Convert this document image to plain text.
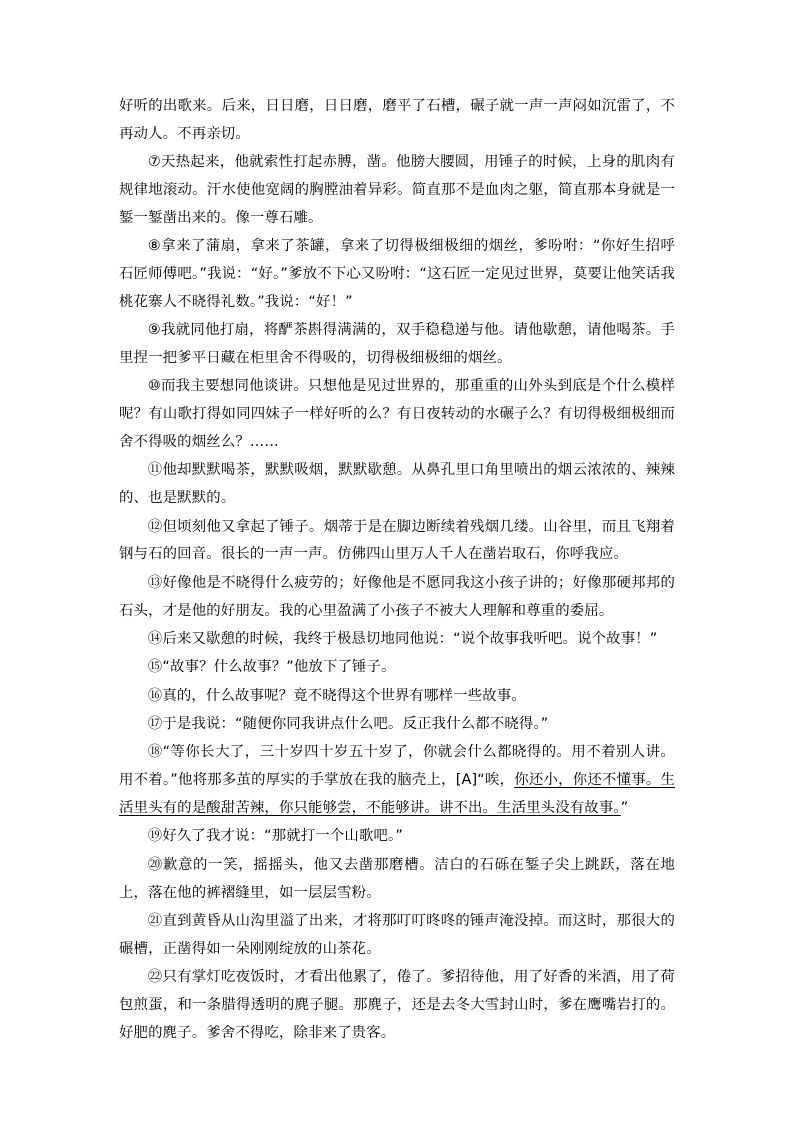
好听的出歌来。后来，日日磨，日日磨，磨平了石槽，碾子就一声一声闷如沉雷了，不再动人。不再亲切。

⑦天热起来，他就索性打起赤膊，凿。他膀大腰圆，用锤子的时候，上身的肌肉有规律地滚动。汗水使他宽阔的胸膛油着异彩。简直那不是血肉之躯，简直那本身就是一錾一錾凿出来的。像一尊石雕。

⑧拿来了蒲扇，拿来了茶罐，拿来了切得极细极细的烟丝，爹吩咐：“你好生招呼石匠师傅吧。”我说：“好。”爹放不下心又吩咐：“这石匠一定见过世界，莫要让他笑话我桃花寨人不晓得礼数。”我说：“好！”

⑨我就同他打扇，将酽茶斟得满满的，双手稳稳递与他。请他歇憩，请他喝茶。手里捏一把爹平日藏在柜里舍不得吸的，切得极细极细的烟丝。

⑩而我主要想同他谈讲。只想他是见过世界的，那重重的山外头到底是个什么模样呢？有山歌打得如同四妹子一样好听的么？有日夜转动的水碾子么？有切得极细极细而舍不得吸的烟丝么？……

⑪他却默默喝茶，默默吸烟，默默歇憩。从鼻孔里口角里喷出的烟云浓浓的、辣辣的、也是默默的。

⑫但顷刻他又拿起了锤子。烟蒂于是在脚边断续着残烟几缕。山谷里，而且飞翔着钢与石的回音。很长的一声一声。仿佛四山里万人千人在凿岩取石，你呼我应。

⑬好像他是不晓得什么疲劳的；好像他是不愿同我这小孩子讲的；好像那硬邦邦的石头，才是他的好朋友。我的心里盈满了小孩子不被大人理解和尊重的委屈。

⑭后来又歇憩的时候，我终于极恳切地同他说：“说个故事我听吧。说个故事！”

⑮“故事？什么故事？”他放下了锤子。

⑯真的，什么故事呢？竟不晓得这个世界有哪样一些故事。

⑰于是我说：“随便你同我讲点什么吧。反正我什么都不晓得。”

⑱“等你长大了，三十岁四十岁五十岁了，你就会什么都晓得的。用不着别人讲。用不着。”他将那多茧的厚实的手掌放在我的脑壳上，[A]“唉，你还小，你还不懂事。生活里头有的是酸甜苦辣，你只能够尝，不能够讲。讲不出。生活里头没有故事。”

⑲好久了我才说：“那就打一个山歌吧。”

⑳歉意的一笑，摇摇头，他又去凿那磨槽。洁白的石砾在錾子尖上跳跃，落在地上，落在他的裤褶缝里，如一层层雪粉。

㉑直到黄昏从山沟里溢了出来，才将那叮叮咚咚的锤声淹没掉。而这时，那很大的碾槽，正凿得如一朵刚刚绽放的山茶花。

㉒只有掌灯吃夜饭时，才看出他累了，倦了。爹招待他，用了好香的米酒，用了荷包煎蛋，和一条腊得透明的麂子腿。那麂子，还是去冬大雪封山时，爹在鹰嘴岩打的。好肥的麂子。爹舍不得吃，除非来了贵客。
